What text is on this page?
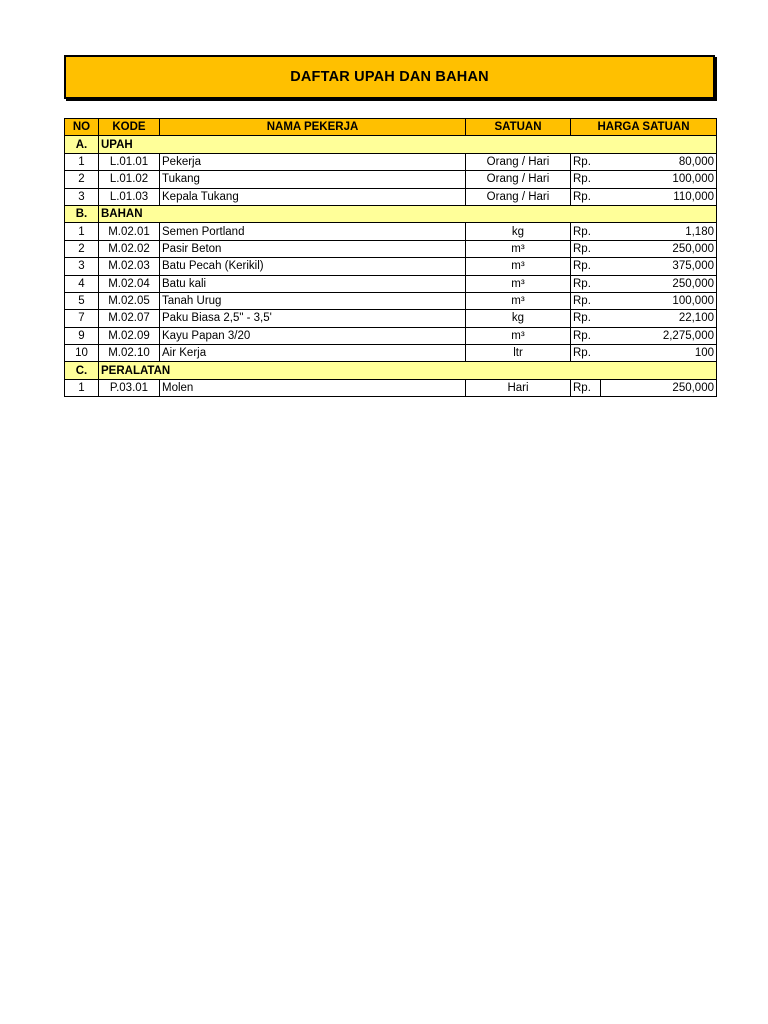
DAFTAR UPAH DAN BAHAN
NO	KODE	NAMA PEKERJA	SATUAN	HARGA SATUAN	
A.	UPAH				
1	L.01.01	Pekerja	Orang / Hari	Rp.	80,000
2	L.01.02	Tukang	Orang / Hari	Rp.	100,000
3	L.01.03	Kepala Tukang	Orang / Hari	Rp.	110,000
B.	BAHAN				
1	M.02.01	Semen Portland	kg	Rp.	1,180
2	M.02.02	Pasir Beton	m³	Rp.	250,000
3	M.02.03	Batu Pecah (Kerikil)	m³	Rp.	375,000
4	M.02.04	Batu kali	m³	Rp.	250,000
5	M.02.05	Tanah Urug	m³	Rp.	100,000
7	M.02.07	Paku Biasa 2,5" - 3,5'	kg	Rp.	22,100
9	M.02.09	Kayu Papan 3/20	m³	Rp.	2,275,000
10	M.02.10	Air Kerja	ltr	Rp.	100
C.	PERALATAN				
1	P.03.01	Molen	Hari	Rp.	250,000
